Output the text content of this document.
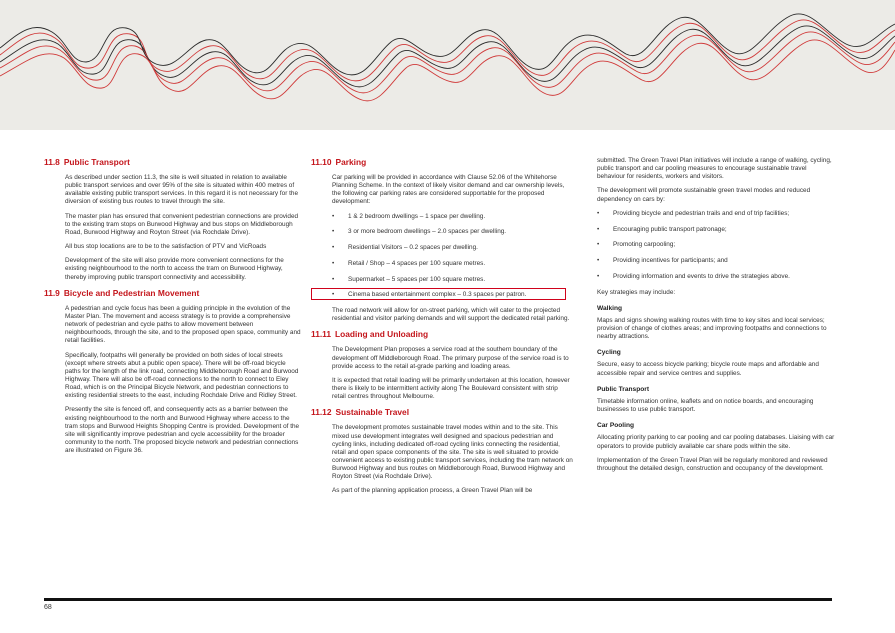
11.8 Public Transport

As described under section 11.3, the site is well situated in relation to available public transport services and over 95% of the site is situated within 400 metres of available existing public transport services. In this regard it is not necessary for the diversion of existing bus routes to travel through the site.

The master plan has ensured that convenient pedestrian connections are provided to the existing tram stops on Burwood Highway and bus stops on Middleborough Road, Burwood Highway and Royton Street (via Rochdale Drive).

All bus stop locations are to be to the satisfaction of PTV and VicRoads

Development of the site will also provide more convenient connections for the existing neighbourhood to the north to access the tram on Burwood Highway, thereby improving public transport connectivity and accessibility.

11.9 Bicycle and Pedestrian Movement

A pedestrian and cycle focus has been a guiding principle in the evolution of the Master Plan. The movement and access strategy is to provide a comprehensive network of pedestrian and cycle paths to allow movement between neighbourhoods, through the site, and to the proposed open space, community and retail facilities.

Specifically, footpaths will generally be provided on both sides of local streets (except where streets abut a public open space). There will be off-road bicycle paths for the length of the link road, connecting Middleborough Road and Burwood Highway. There will also be off-road connections to the north to connect to Eley Road, which is on the Principal Bicycle Network, and pedestrian connections to existing residential streets to the east, including Rochdale Drive and Ridley Street.

Presently the site is fenced off, and consequently acts as a barrier between the existing neighbourhood to the north and Burwood Highway where access to the tram stops and Burwood Heights Shopping Centre is provided. Development of the site will significantly improve pedestrian and cycle accessibility for the broader community to the north. The proposed bicycle network and pedestrian connections are illustrated on Figure 36.

11.10 Parking

Car parking will be provided in accordance with Clause 52.06 of the Whitehorse Planning Scheme. In the context of likely visitor demand and car ownership levels, the following car parking rates are considered supportable for the proposed development:

• 1 & 2 bedroom dwellings – 1 space per dwelling.
• 3 or more bedroom dwellings – 2.0 spaces per dwelling.
• Residential Visitors – 0.2 spaces per dwelling.
• Retail / Shop – 4 spaces per 100 square metres.
• Supermarket – 5 spaces per 100 square metres.
• Cinema based entertainment complex – 0.3 spaces per patron.

The road network will allow for on-street parking, which will cater to the projected residential and visitor parking demands and will support the dedicated retail parking.

11.11 Loading and Unloading

The Development Plan proposes a service road at the southern boundary of the development off Middleborough Road. The primary purpose of the service road is to provide access to the retail at-grade parking and loading areas.

It is expected that retail loading will be primarily undertaken at this location, however there is likely to be intermittent activity along The Boulevard consistent with strip retail centres throughout Melbourne.

11.12 Sustainable Travel

The development promotes sustainable travel modes within and to the site. This mixed use development integrates well designed and spacious pedestrian and cycling links, including dedicated off-road cycling links connecting the residential, retail and open space components of the site. The site is well situated to provide convenient access to existing public transport services, including the tram network on Burwood Highway and bus routes on Middleborough Road, Burwood Highway and Royton Street (via Rochdale Drive).

As part of the planning application process, a Green Travel Plan will be

submitted. The Green Travel Plan initiatives will include a range of walking, cycling, public transport and car pooling measures to encourage sustainable travel behaviour for residents, workers and visitors.

The development will promote sustainable green travel modes and reduced dependency on cars by:

• Providing bicycle and pedestrian trails and end of trip facilities;
• Encouraging public transport patronage;
• Promoting carpooling;
• Providing incentives for participants; and
• Providing information and events to drive the strategies above.

Key strategies may include:

Walking

Maps and signs showing walking routes with time to key sites and local services; provision of change of clothes areas; and improving footpaths and connections to nearby attractions.

Cycling

Secure, easy to access bicycle parking; bicycle route maps and affordable and accessible repair and service centres and supplies.

Public Transport

Timetable information online, leaflets and on notice boards, and encouraging businesses to use public transport.

Car Pooling

Allocating priority parking to car pooling and car pooling databases. Liaising with car operators to provide publicly available car share pods within the site.

Implementation of the Green Travel Plan will be regularly monitored and reviewed throughout the detailed design, construction and occupancy of the development.

68
